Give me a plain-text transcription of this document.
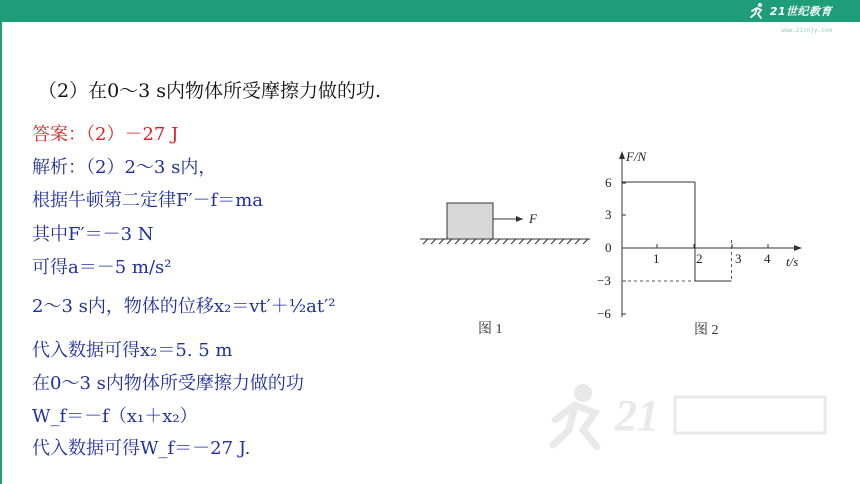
21世纪教育
www.21cnjy.com
（2）在0～3 s内物体所受摩擦力做的功.
答案：（2）－27 J
解析：（2）2～3 s内，
根据牛顿第二定律F′－f＝ma
其中F′＝－3 N
可得a＝－5 m/s²
2～3 s内，物体的位移x₂＝vt′＋½at′²
代入数据可得x₂＝5. 5 m
在0～3 s内物体所受摩擦力做的功
W_f＝－f（x₁＋x₂）
代入数据可得W_f＝－27 J.
F
图 1
F/N
t/s
6
3
0
−3
−6
1	2	3 4
图 2
21
